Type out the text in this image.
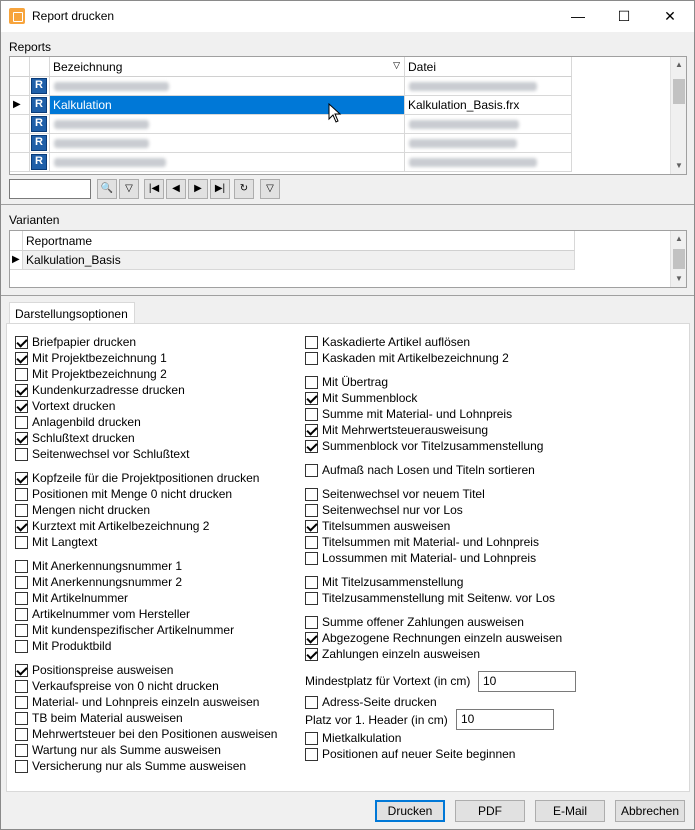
Report drucken	—	☐	✕
Reports
Bezeichnung	▽ Datei
R
▶
R	Kalkulation	Kalkulation_Basis.frx
R
R
R
▲
▼
🔍	▽	|◀	◀	▶	▶|	↻	▽
Varianten
Reportname
▶ Kalkulation_Basis
▲
▼
Darstellungsoptionen
Briefpapier drucken
Mit Projektbezeichnung 1
Mit Projektbezeichnung 2
Kundenkurzadresse drucken
Vortext drucken
Anlagenbild drucken
Schlußtext drucken
Seitenwechsel vor Schlußtext
Kopfzeile für die Projektpositionen drucken
Positionen mit Menge 0 nicht drucken
Mengen nicht drucken
Kurztext mit Artikelbezeichnung 2
Mit Langtext
Mit Anerkennungsnummer 1
Mit Anerkennungsnummer 2
Mit Artikelnummer
Artikelnummer vom Hersteller
Mit kundenspezifischer Artikelnummer
Mit Produktbild
Positionspreise ausweisen
Verkaufspreise von 0 nicht drucken
Material- und Lohnpreis einzeln ausweisen
TB beim Material ausweisen
Mehrwertsteuer bei den Positionen ausweisen
Wartung nur als Summe ausweisen
Versicherung nur als Summe ausweisen
Kaskadierte Artikel auflösen
Kaskaden mit Artikelbezeichnung 2
Mit Übertrag
Mit Summenblock
Summe mit Material- und Lohnpreis
Mit Mehrwertsteuerausweisung
Summenblock vor Titelzusammenstellung
Aufmaß nach Losen und Titeln sortieren
Seitenwechsel vor neuem Titel
Seitenwechsel nur vor Los
Titelsummen ausweisen
Titelsummen mit Material- und Lohnpreis
Lossummen mit Material- und Lohnpreis
Mit Titelzusammenstellung
Titelzusammenstellung mit Seitenw. vor Los
Summe offener Zahlungen ausweisen
Abgezogene Rechnungen einzeln ausweisen
Zahlungen einzeln ausweisen
Mindestplatz für Vortext (in cm)	10
Adress-Seite drucken
Platz vor 1. Header (in cm)	10
Mietkalkulation
Positionen auf neuer Seite beginnen
Drucken	PDF	E-Mail	Abbrechen
